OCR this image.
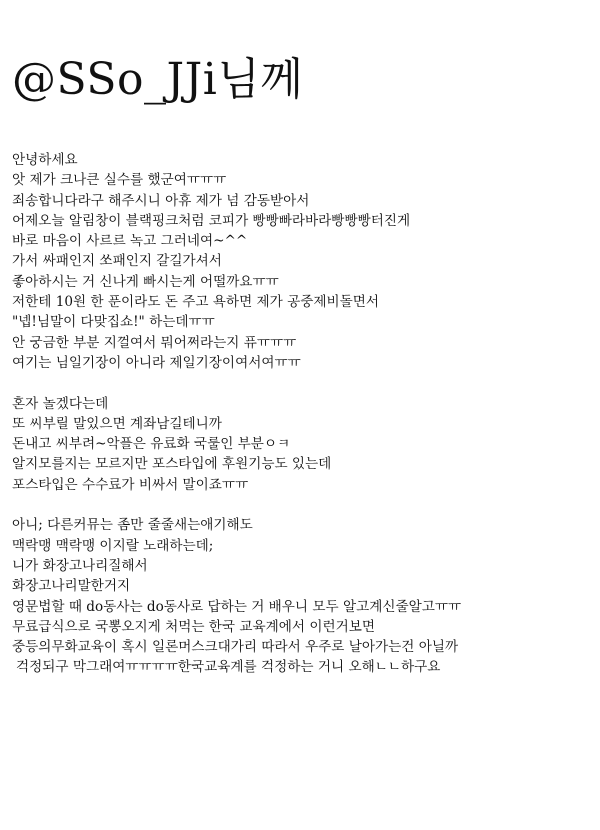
@SSo_JJi님께

안녕하세요

앗 제가 크나큰 실수를 했군여ㅠㅠㅠ

죄송합니다라구 해주시니 아휴 제가 넘 감동받아서

어제오늘 알림창이 블랙핑크처럼 코피가 빵빵빠라바라빵빵빵터진게

바로 마음이 사르르 녹고 그러네여~^^

가서 싸패인지 쏘패인지 갈길가셔서

좋아하시는 거 신나게 빠시는게 어떨까요ㅠㅠ

저한테 10원 한 푼이라도 돈 주고 욕하면 제가 공중제비돌면서

"넵!님말이 다맞집쇼!" 하는데ㅠㅠ

안 궁금한 부분 지껄여서 뭐어쩌라는지 퓨ㅠㅠㅠ

여기는 님일기장이 아니라 제일기장이여서여ㅠㅠ

혼자 놀겠다는데

또 씨부릴 말있으면 계좌남길테니까

돈내고 씨부려~악플은 유료화 국룰인 부분ㅇㅋ

알지모를지는 모르지만 포스타입에 후원기능도 있는데

포스타입은 수수료가 비싸서 말이죠ㅠㅠ

아니; 다른커뮤는 좀만 줄줄새는애기해도

맥락맹 맥락맹 이지랄 노래하는데;

니가 화장고나리질해서

화장고나리말한거지

영문법할 때 do동사는 do동사로 답하는 거 배우니 모두 알고계신줄알고ㅠㅠ

무료급식으로 국뽕오지게 처먹는 한국 교육계에서 이런거보면

중등의무화교육이 혹시 일론머스크대가리 따라서 우주로 날아가는건 아닐까

걱정되구 막그래여ㅠㅠㅠㅠ한국교육계를 걱정하는 거니 오해ㄴㄴ하구요
